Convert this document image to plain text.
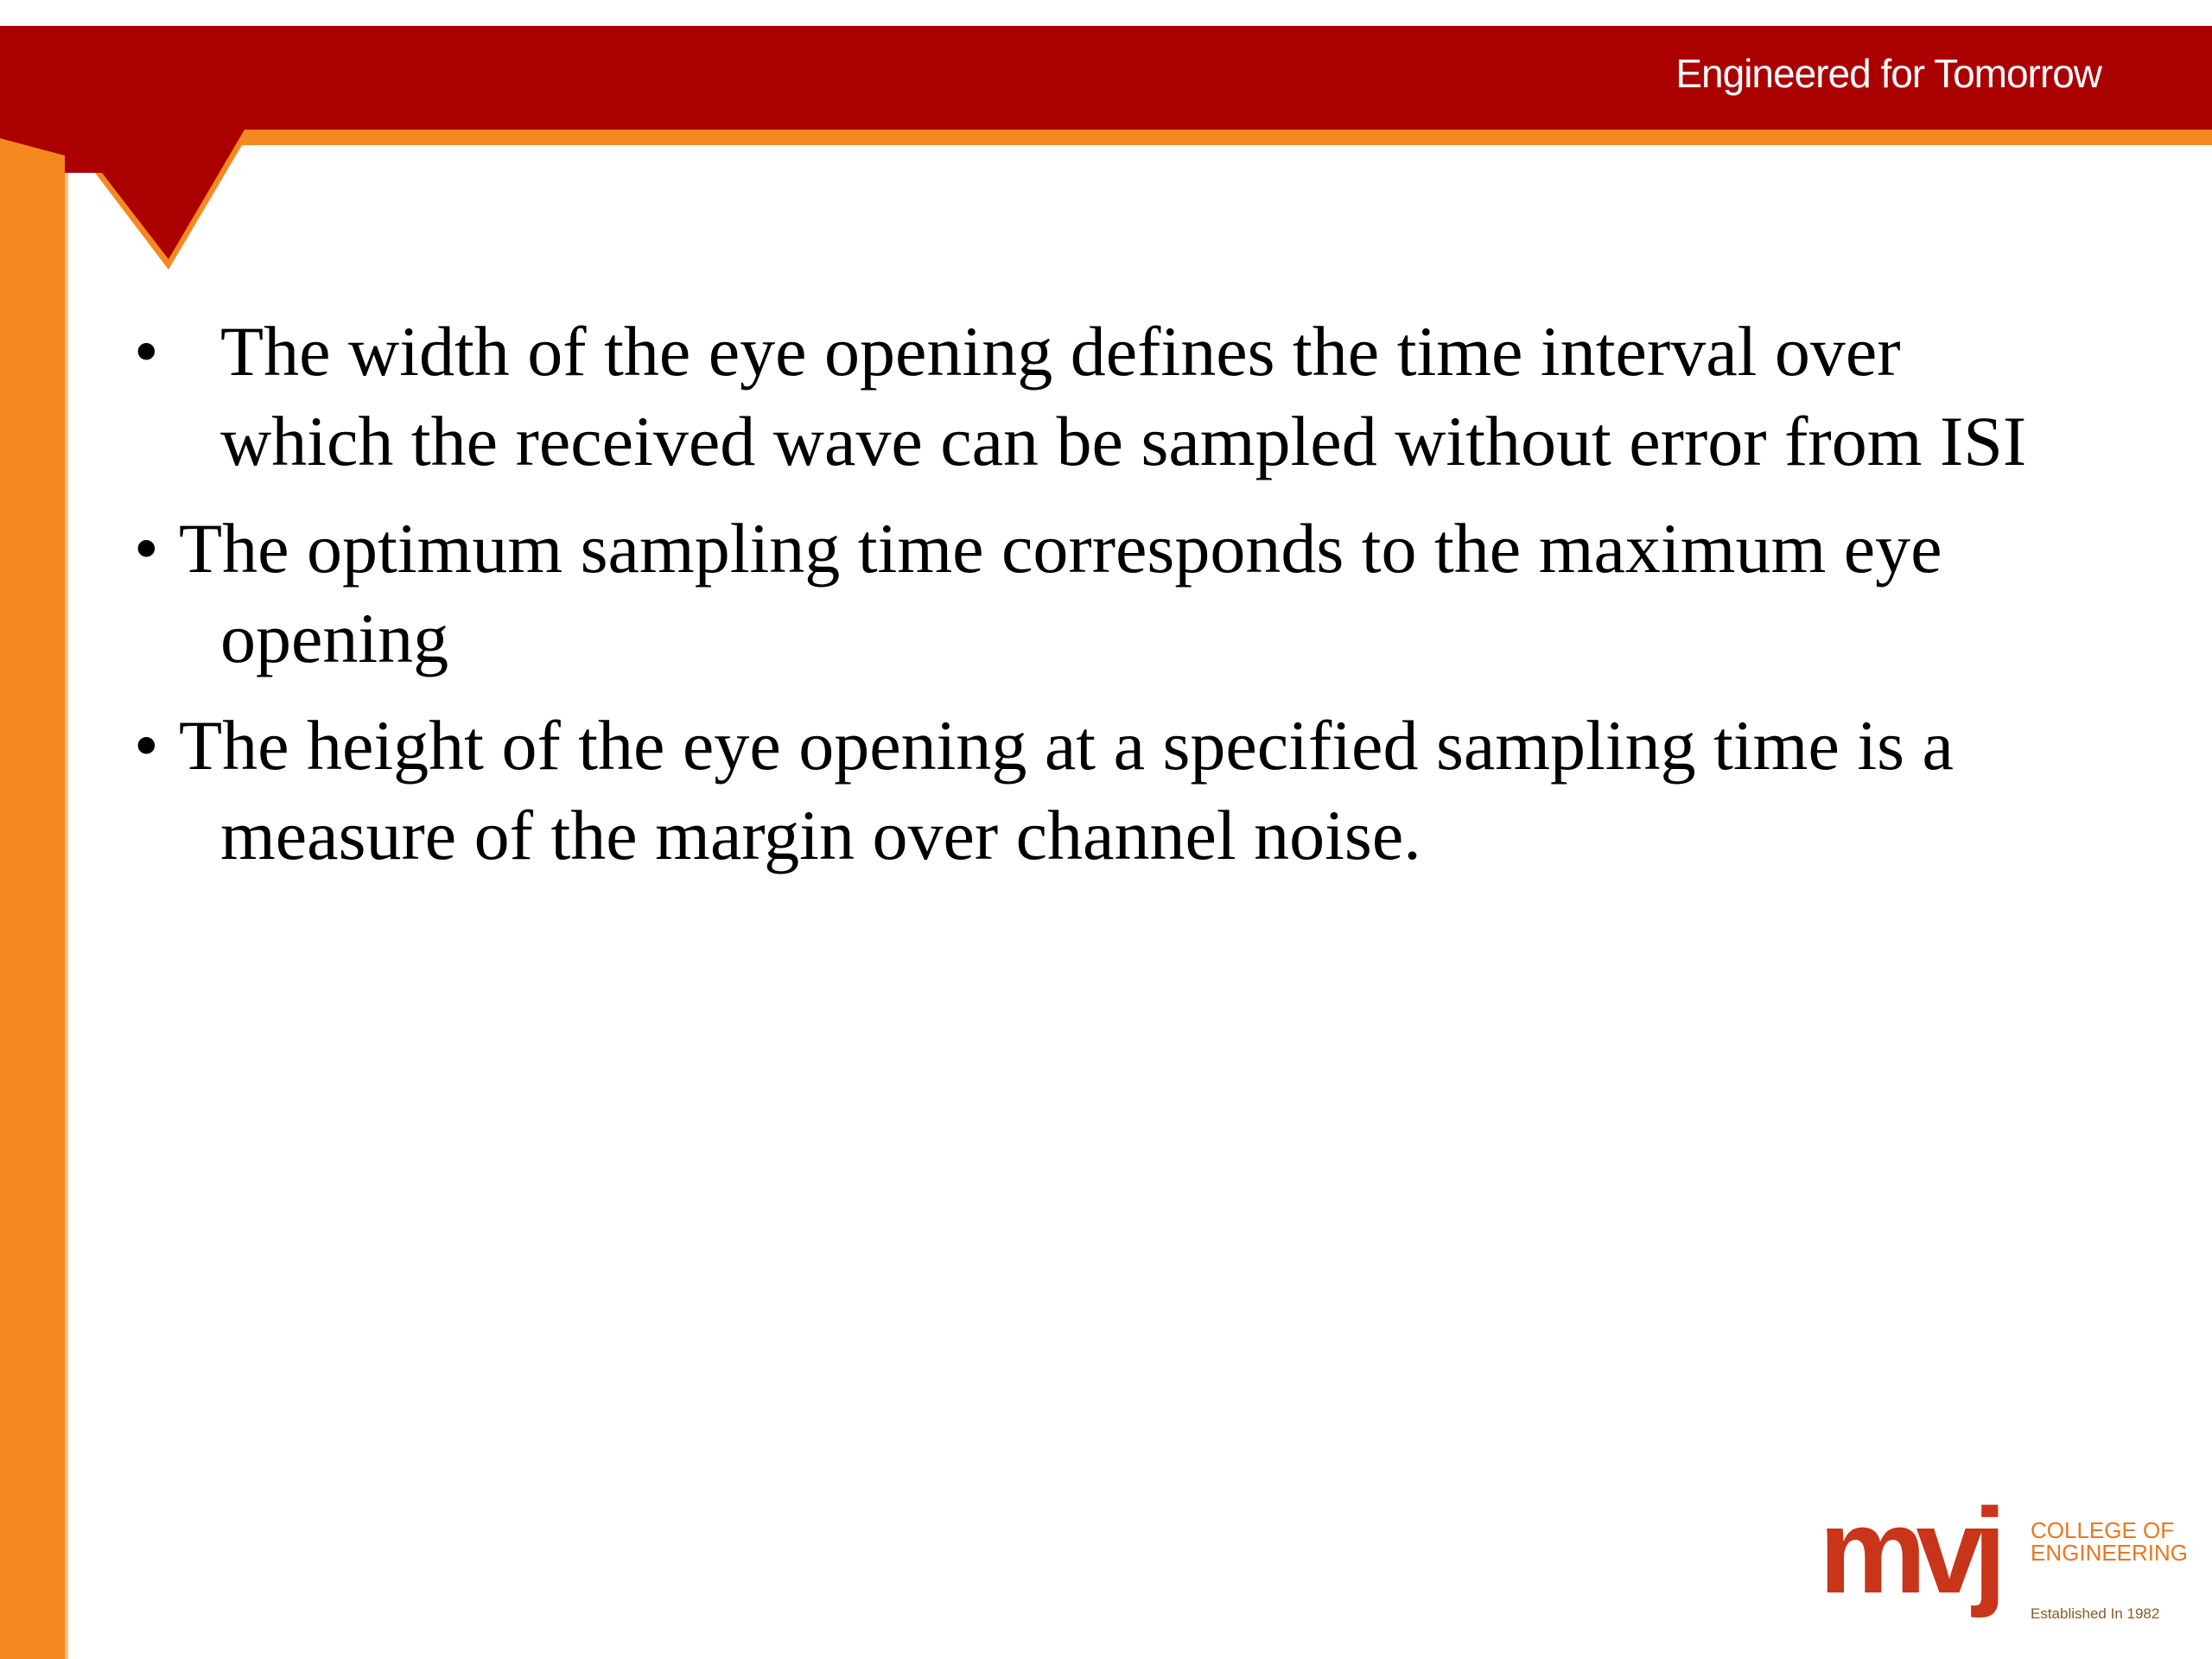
Engineered for Tomorrow
• The width of the eye opening defines the time interval over which the received wave can be sampled without error from ISI
• The optimum sampling time corresponds to the maximum eye opening
• The height of the eye opening at a specified sampling time is a measure of the margin over channel noise.
mvj COLLEGE OF
ENGINEERING
Established In 1982
